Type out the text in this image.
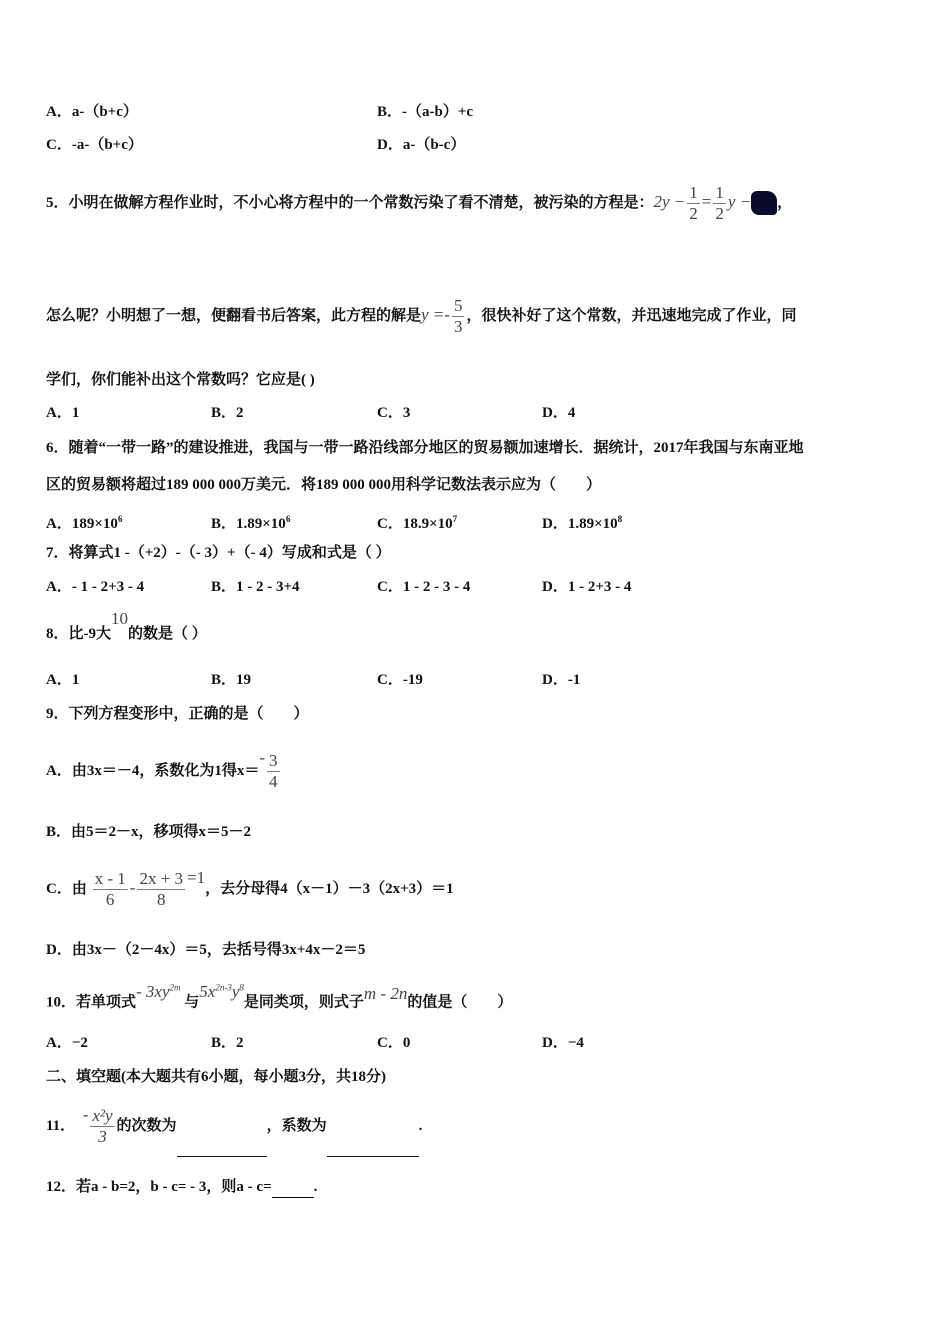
A．a-（b+c）	B．-（a-b）+c
C．-a-（b+c）	D．a-（b-c）
5．小明在做解方程作业时，不小心将方程中的一个常数污染了看不清楚，被污染的方程是：$2y - \frac{1}{2} = \frac{1}{2}$ y − ，
怎么呢？小明想了一想，便翻看书后答案，此方程的解是$y =- \frac{5}{3}$ ，很快补好了这个常数，并迅速地完成了作业，同
学们，你们能补出这个常数吗？它应是( )
A．1	B．2	C．3	D．4
6．随着“一带一路”的建设推进，我国与一带一路沿线部分地区的贸易额加速增长．据统计，2017年我国与东南亚地
区的贸易额将超过189 000 000万美元．将189 000 000用科学记数法表示应为（　　）
A．$189\times 10^6$	B．$1.89\times 10^6$	C．$18.9\times 10^7$	D．$1.89\times 10^8$
7．将算式1 -（+2）-（- 3）+（- 4）写成和式是（ ）
A．- 1 - 2+3 - 4	B．1 - 2 - 3+4	C．1 - 2 - 3 - 4	D．1 - 2+3 - 4
8．比-9大10的数是（ ）
A．1	B．19	C．-19	D．-1
9．下列方程变形中，正确的是（　　）
A．由3x＝－4，系数化为1得$x=- \frac{3}{4}$
B．由5＝2－x，移项得x＝5－2
C．由 $\frac{x - 1}{6} - \frac{2x + 3}{8} =1$，去分母得4（x－1）－3（2x+3）＝1
D．由3x－（2－4x）＝5，去括号得3x+4x－2＝5
10．若单项式- $3xy^{2m}$ 与$5x^{2n-3}y^8$是同类项，则式子m - 2n的值是（　　）
A．−2	B．2	C．0	D．−4
二、填空题(本大题共有6小题，每小题3分，共18分)
11．  - $\frac{\text{x²y}}{3}$ 的次数为	，系数为	.
12．若a - b=2，b - c= - 3，则a - c=	.
